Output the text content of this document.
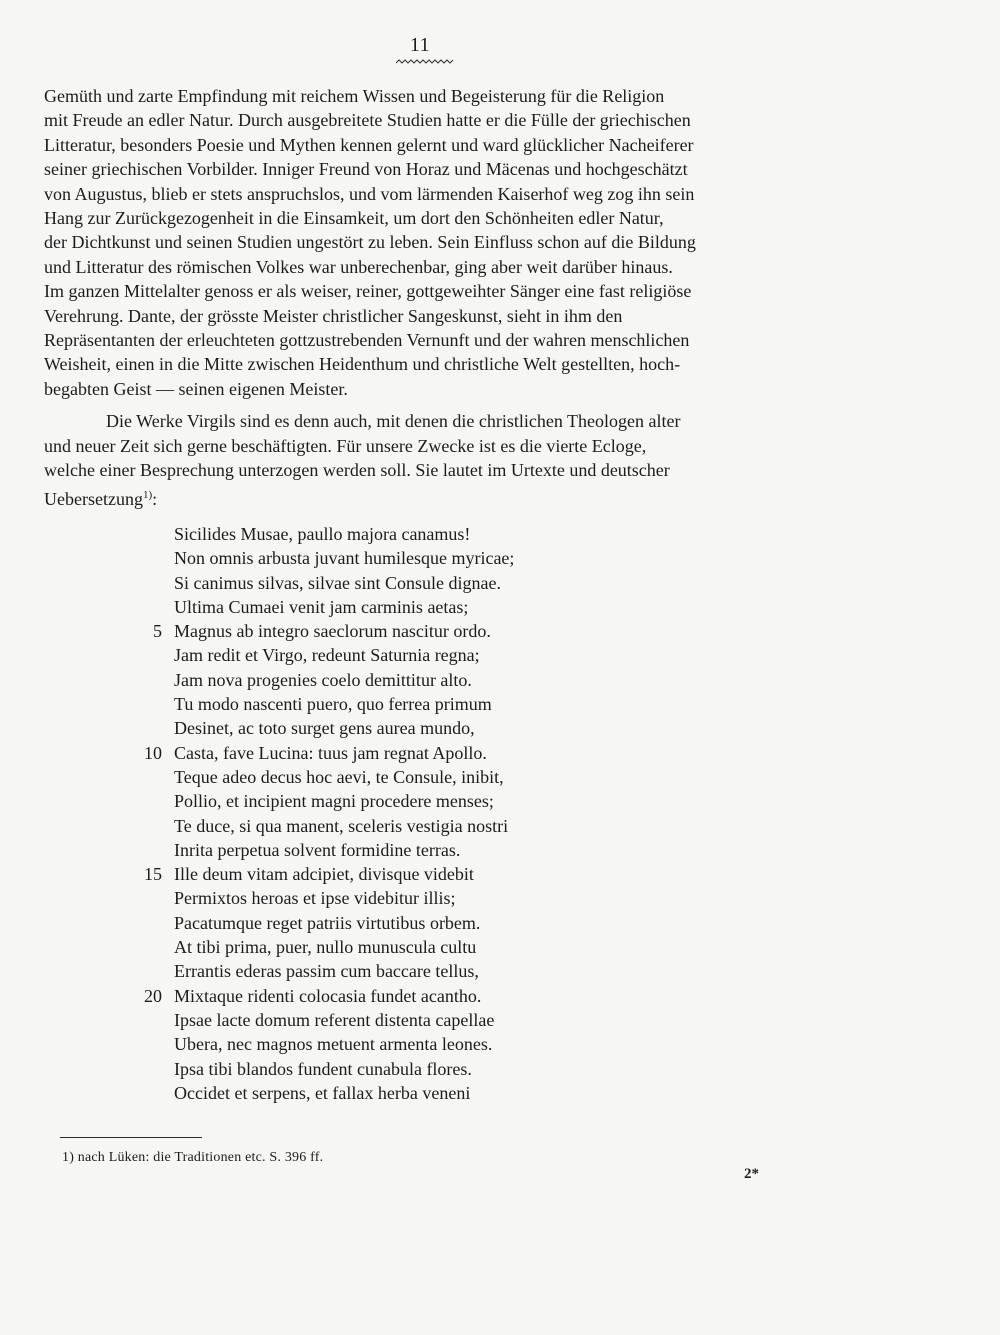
11

Gemüth und zarte Empfindung mit reichem Wissen und Begeisterung für die Religion
mit Freude an edler Natur. Durch ausgebreitete Studien hatte er die Fülle der griechischen
Litteratur, besonders Poesie und Mythen kennen gelernt und ward glücklicher Nacheiferer
seiner griechischen Vorbilder. Inniger Freund von Horaz und Mäcenas und hochgeschätzt
von Augustus, blieb er stets anspruchslos, und vom lärmenden Kaiserhof weg zog ihn sein
Hang zur Zurückgezogenheit in die Einsamkeit, um dort den Schönheiten edler Natur,
der Dichtkunst und seinen Studien ungestört zu leben. Sein Einfluss schon auf die Bildung
und Litteratur des römischen Volkes war unberechenbar, ging aber weit darüber hinaus.
Im ganzen Mittelalter genoss er als weiser, reiner, gottgeweihter Sänger eine fast religiöse
Verehrung. Dante, der grösste Meister christlicher Sangeskunst, sieht in ihm den
Repräsentanten der erleuchteten gottzustrebenden Vernunft und der wahren menschlichen
Weisheit, einen in die Mitte zwischen Heidenthum und christliche Welt gestellten, hoch-
begabten Geist — seinen eigenen Meister.

Die Werke Virgils sind es denn auch, mit denen die christlichen Theologen alter
und neuer Zeit sich gerne beschäftigten. Für unsere Zwecke ist es die vierte Ecloge,
welche einer Besprechung unterzogen werden soll. Sie lautet im Urtexte und deutscher
Uebersetzung$^{1)}$:

Sicilides Musae, paullo majora canamus!
Non omnis arbusta juvant humilesque myricae;
Si canimus silvas, silvae sint Consule dignae.
Ultima Cumaei venit jam carminis aetas;
5 Magnus ab integro saeclorum nascitur ordo.
Jam redit et Virgo, redeunt Saturnia regna;
Jam nova progenies coelo demittitur alto.
Tu modo nascenti puero, quo ferrea primum
Desinet, ac toto surget gens aurea mundo,
10 Casta, fave Lucina: tuus jam regnat Apollo.
Teque adeo decus hoc aevi, te Consule, inibit,
Pollio, et incipient magni procedere menses;
Te duce, si qua manent, sceleris vestigia nostri
Inrita perpetua solvent formidine terras.
15 Ille deum vitam adcipiet, divisque videbit
Permixtos heroas et ipse videbitur illis;
Pacatumque reget patriis virtutibus orbem.
At tibi prima, puer, nullo munuscula cultu
Errantis ederas passim cum baccare tellus,
20 Mixtaque ridenti colocasia fundet acantho.
Ipsae lacte domum referent distenta capellae
Ubera, nec magnos metuent armenta leones.
Ipsa tibi blandos fundent cunabula flores.
Occidet et serpens, et fallax herba veneni
1) nach Lüken: die Traditionen etc. S. 396 ff.
2*
